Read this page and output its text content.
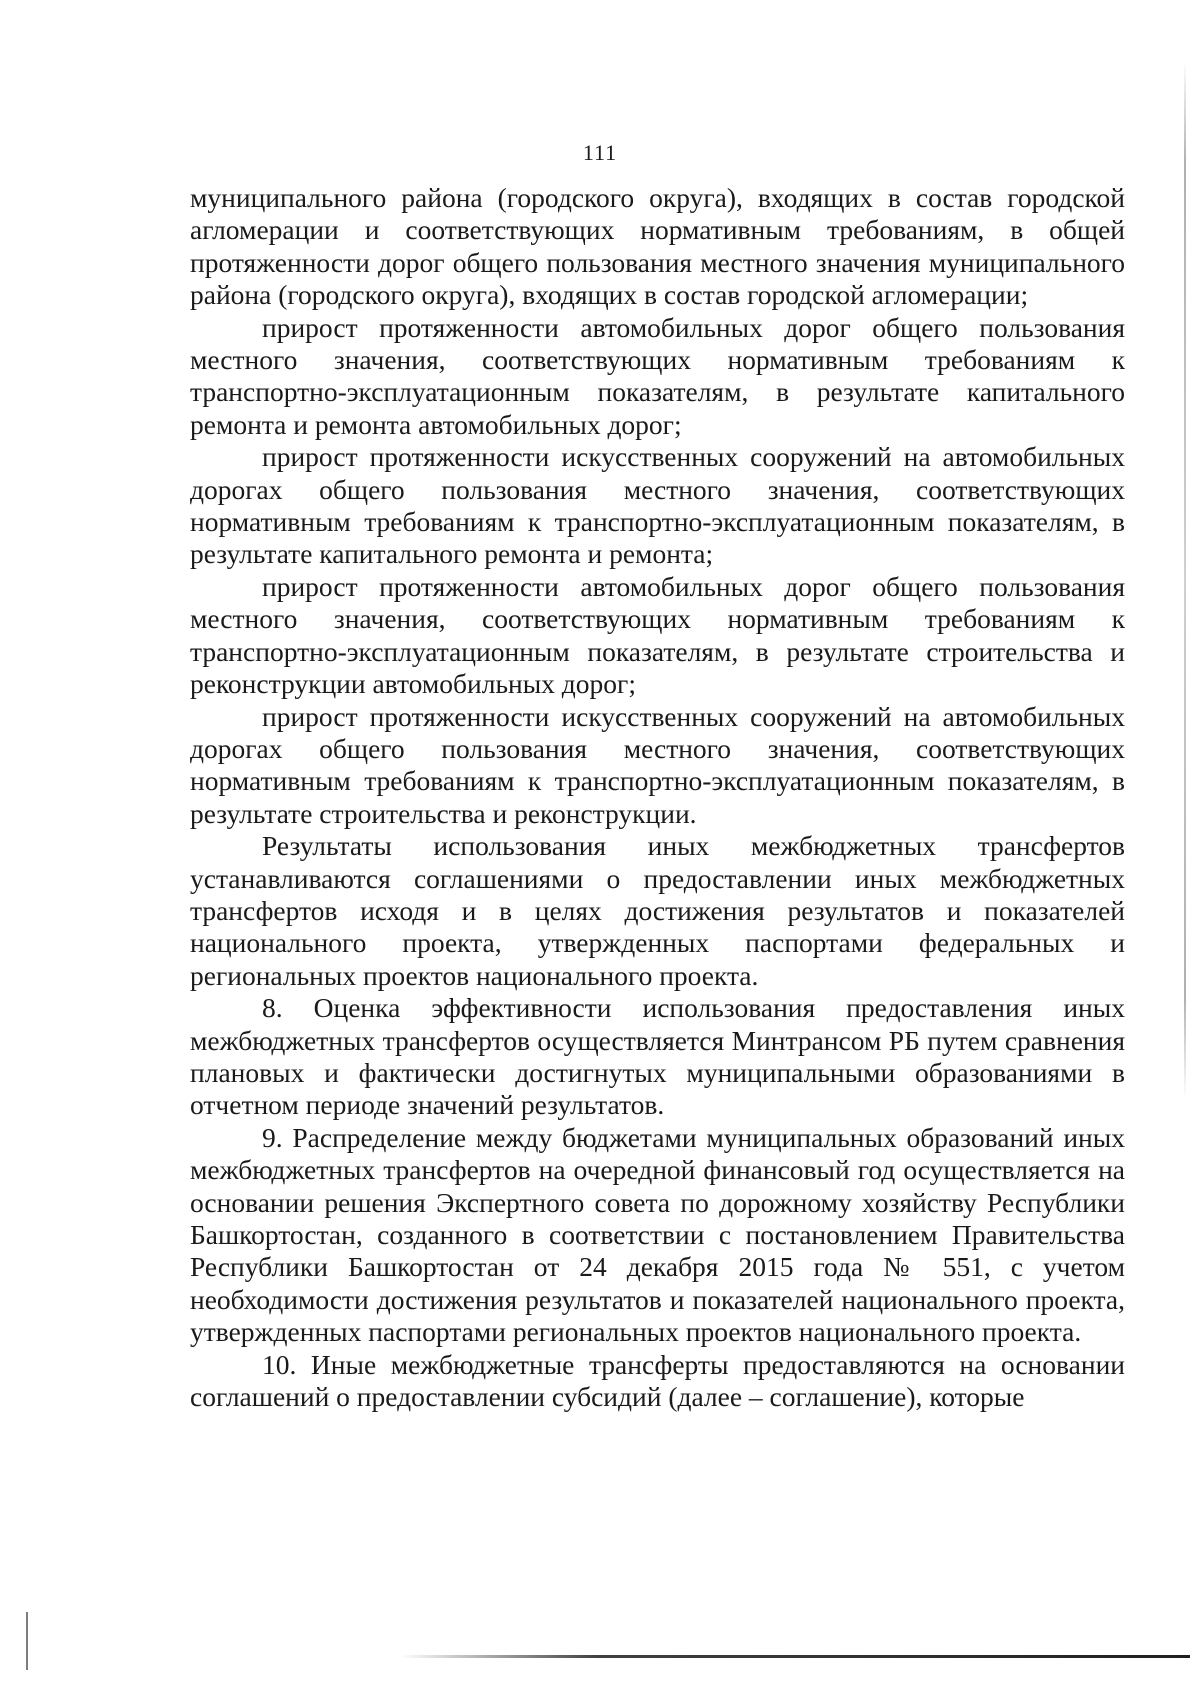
111

муниципального района (городского округа), входящих в состав городской агломерации и соответствующих нормативным требованиям, в общей протяженности дорог общего пользования местного значения муниципального района (городского округа), входящих в состав городской агломерации;

прирост протяженности автомобильных дорог общего пользования местного значения, соответствующих нормативным требованиям к транспортно-эксплуатационным показателям, в результате капитального ремонта и ремонта автомобильных дорог;

прирост протяженности искусственных сооружений на автомобильных дорогах общего пользования местного значения, соответствующих нормативным требованиям к транспортно-эксплуатационным показателям, в результате капитального ремонта и ремонта;

прирост протяженности автомобильных дорог общего пользования местного значения, соответствующих нормативным требованиям к транспортно-эксплуатационным показателям, в результате строительства и реконструкции автомобильных дорог;

прирост протяженности искусственных сооружений на автомобильных дорогах общего пользования местного значения, соответствующих нормативным требованиям к транспортно-эксплуатационным показателям, в результате строительства и реконструкции.

Результаты использования иных межбюджетных трансфертов устанавливаются соглашениями о предоставлении иных межбюджетных трансфертов исходя и в целях достижения результатов и показателей национального проекта, утвержденных паспортами федеральных и региональных проектов национального проекта.

8. Оценка эффективности использования предоставления иных межбюджетных трансфертов осуществляется Минтрансом РБ путем сравнения плановых и фактически достигнутых муниципальными образованиями в отчетном периоде значений результатов.

9. Распределение между бюджетами муниципальных образований иных межбюджетных трансфертов на очередной финансовый год осуществляется на основании решения Экспертного совета по дорожному хозяйству Республики Башкортостан, созданного в соответствии с постановлением Правительства Республики Башкортостан от 24 декабря 2015 года № 551, с учетом необходимости достижения результатов и показателей национального проекта, утвержденных паспортами региональных проектов национального проекта.

10. Иные межбюджетные трансферты предоставляются на основании соглашений о предоставлении субсидий (далее – соглашение), которые
